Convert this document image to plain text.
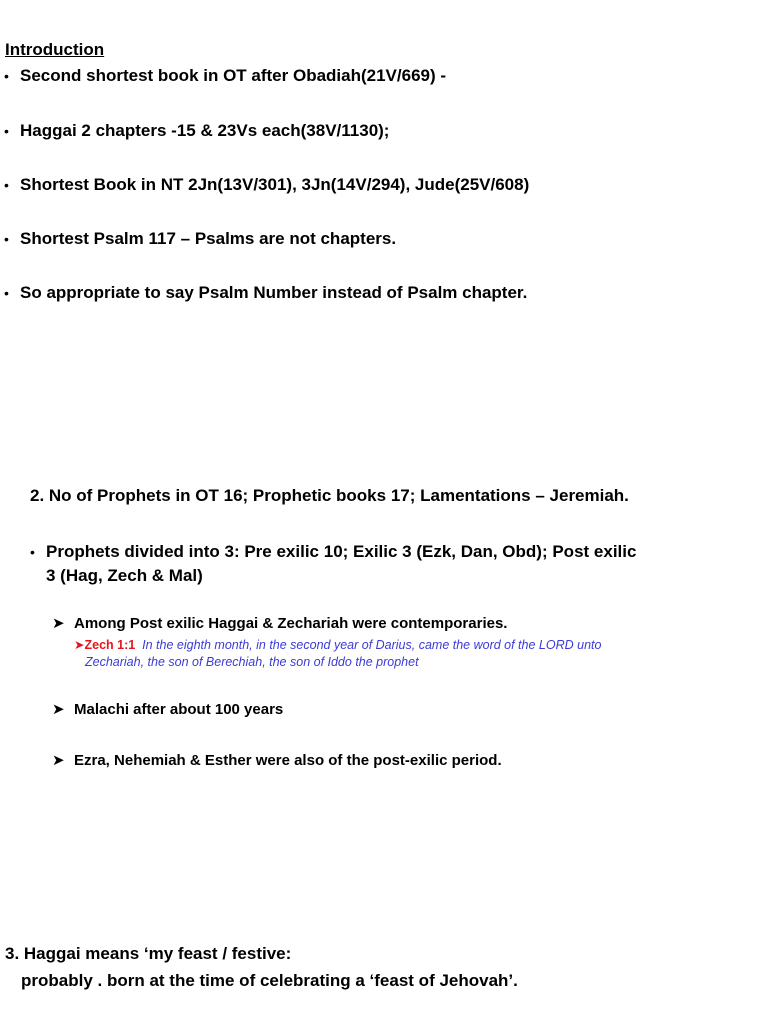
Introduction
• Second shortest book in OT after Obadiah(21V/669) -
• Haggai 2 chapters -15 & 23Vs each(38V/1130);
• Shortest Book in NT 2Jn(13V/301), 3Jn(14V/294), Jude(25V/608)
• Shortest Psalm 117 – Psalms are not chapters.
• So appropriate to say Psalm Number instead of Psalm chapter.
2. No of Prophets in OT 16; Prophetic books 17; Lamentations – Jeremiah.
• Prophets divided into 3: Pre exilic 10; Exilic 3 (Ezk, Dan, Obd); Post exilic
3 (Hag, Zech & Mal)
➤ Among Post exilic Haggai & Zechariah were contemporaries.
➤Zech 1:1 In the eighth month, in the second year of Darius, came the word of the LORD unto
Zechariah, the son of Berechiah, the son of Iddo the prophet
➤ Malachi after about 100 years
➤ Ezra, Nehemiah & Esther were also of the post-exilic period.
3. Haggai means ‘my feast / festive:
probably . born at the time of celebrating a ‘feast of Jehovah’.
